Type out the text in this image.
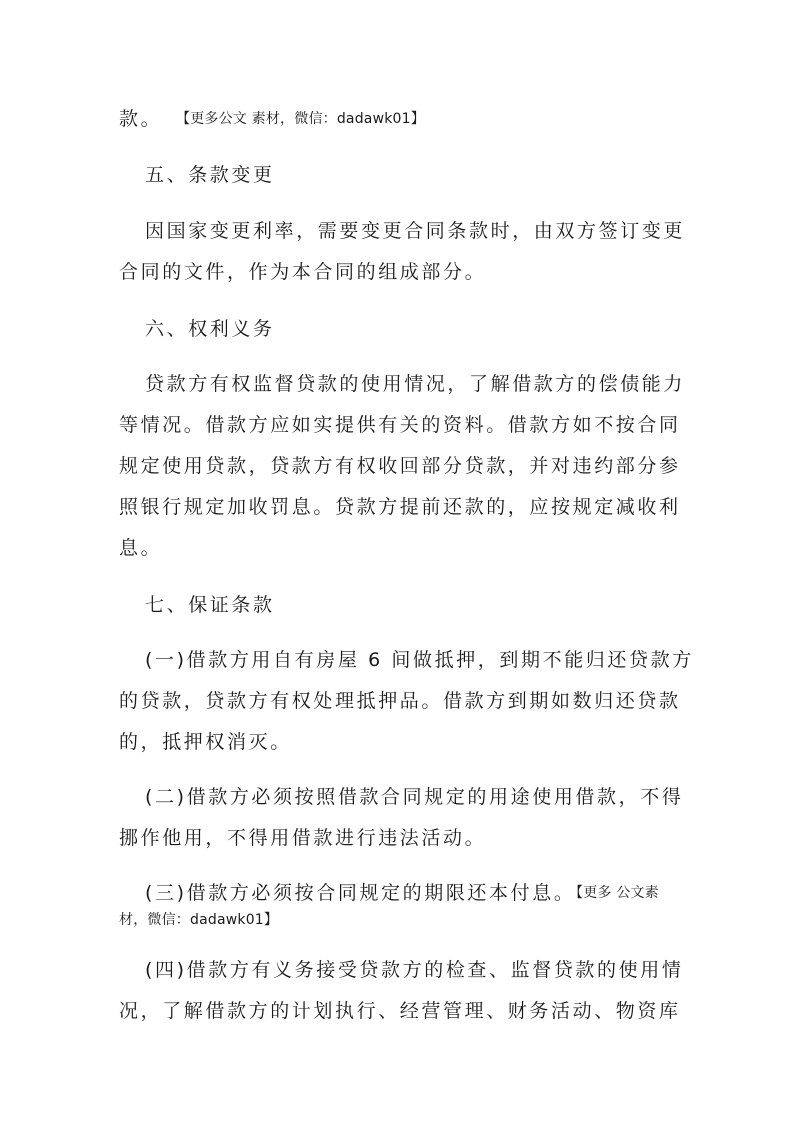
款。 【更多公文 素材，微信：dadawk01】
五、条款变更
因国家变更利率，需要变更合同条款时，由双方签订变更
合同的文件，作为本合同的组成部分。
六、权利义务
贷款方有权监督贷款的使用情况，了解借款方的偿债能力
等情况。借款方应如实提供有关的资料。借款方如不按合同
规定使用贷款，贷款方有权收回部分贷款，并对违约部分参
照银行规定加收罚息。贷款方提前还款的，应按规定减收利
息。
七、保证条款
(一)借款方用自有房屋 6 间做抵押，到期不能归还贷款方
的贷款，贷款方有权处理抵押品。借款方到期如数归还贷款
的，抵押权消灭。
(二)借款方必须按照借款合同规定的用途使用借款，不得
挪作他用，不得用借款进行违法活动。
(三)借款方必须按合同规定的期限还本付息。
【更多 公文素
材，微信：dadawk01】
(四)借款方有义务接受贷款方的检查、监督贷款的使用情
况，了解借款方的计划执行、经营管理、财务活动、物资库
